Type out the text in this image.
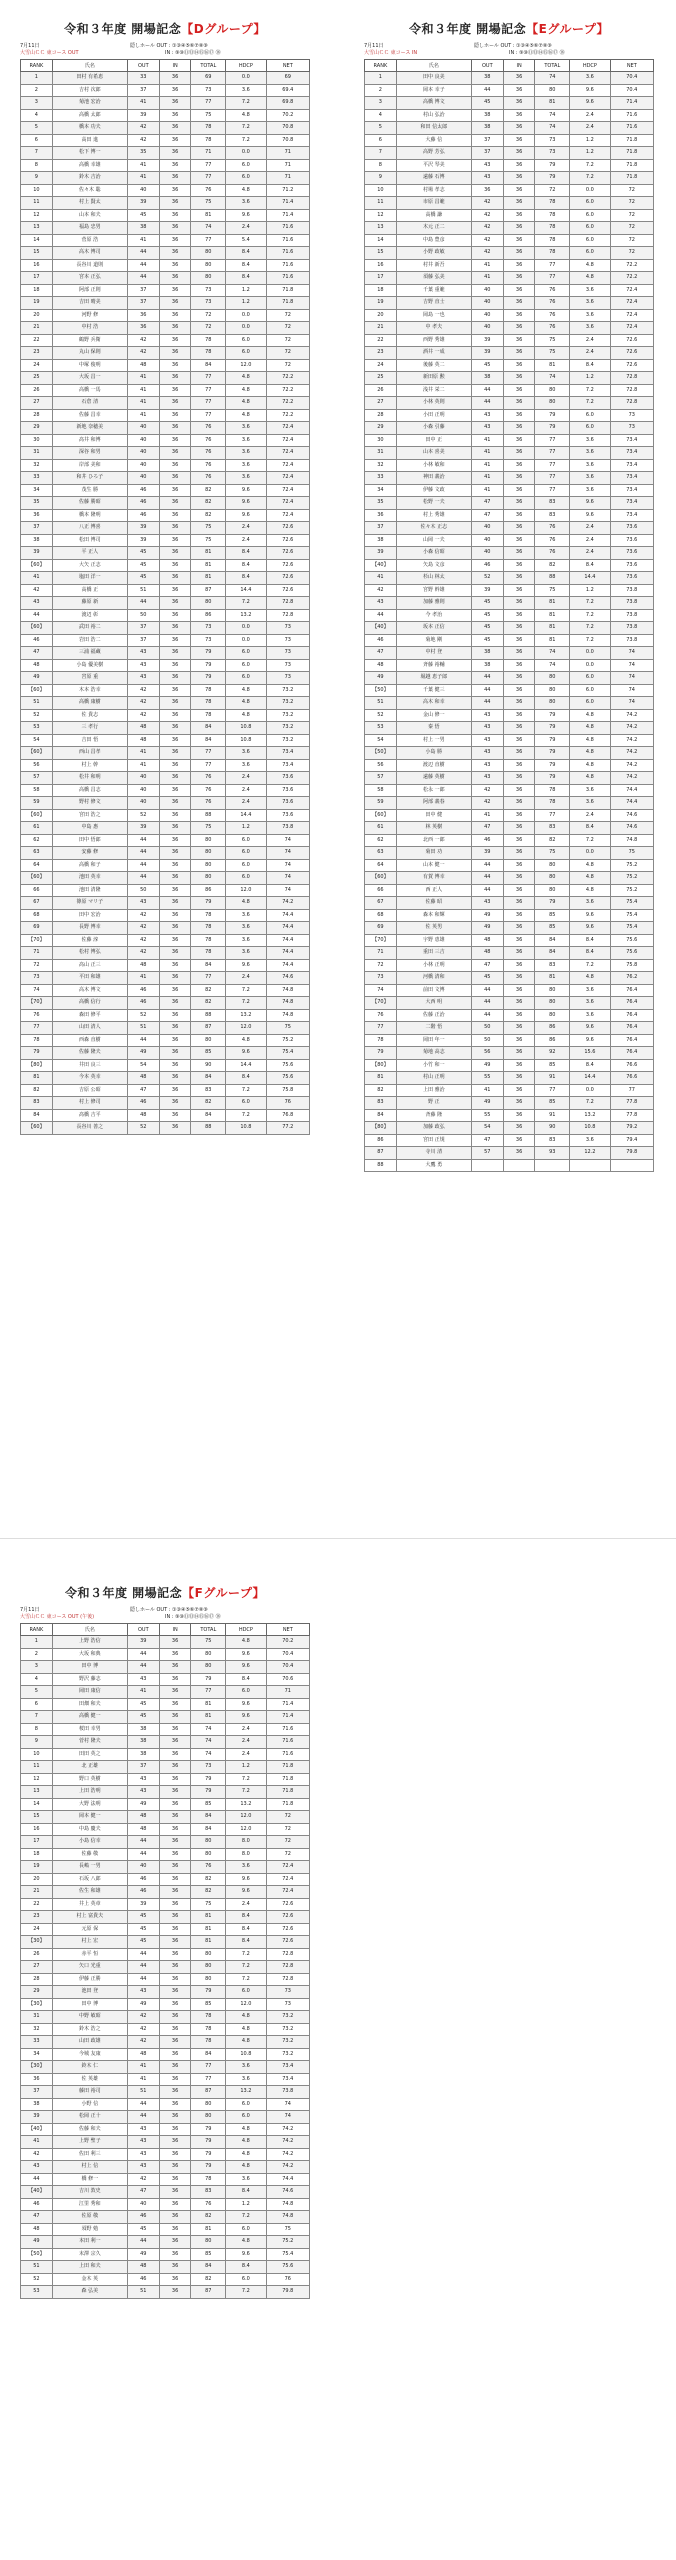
令和３年度 開場記念【Dグループ】
7月11日
大雪山ＣＣ 東コース OUT
隠しホール OUT : ①③④⑤⑥⑦⑧⑨
IN : ⑨⑩⑪⑬⑭⑮⑯⑰ ⑱
RANK	氏名	OUT	IN	TOTAL	HDCP	NET
1	田村 有希恵	33	36	69	0.0	69
2	吉村 次郎	37	36	73	3.6	69.4
3	菊池 宏治	41	36	77	7.2	69.8
4	高橋 太郎	39	36	75	4.8	70.2
5	橋本 功夫	42	36	78	7.2	70.8
6	高田 進	42	36	78	7.2	70.8
7	松下 博一	35	36	71	0.0	71
8	高橋 幸雄	41	36	77	6.0	71
9	鈴木 吉治	41	36	77	6.0	71
10	佐々木 聡	40	36	76	4.8	71.2
11	村上 賢太	39	36	75	3.6	71.4
12	山本 和夫	45	36	81	9.6	71.4
13	福島 忠男	38	36	74	2.4	71.6
14	菅原 浩	41	36	77	5.4	71.6
15	高木 博司	44	36	80	8.4	71.6
16	長谷川 道則	44	36	80	8.4	71.6
17	宮本 正弘	44	36	80	8.4	71.6
18	阿部 正則	37	36	73	1.2	71.8
19	吉田 晴美	37	36	73	1.2	71.8
20	河野 修	36	36	72	0.0	72
21	中村 浩	36	36	72	0.0	72
22	鶴野 兵衛	42	36	78	6.0	72
23	丸山 保則	42	36	78	6.0	72
24	中塚 俊明	48	36	84	12.0	72
25	大坂 昌一	41	36	77	4.8	72.2
26	高橋 一馬	41	36	77	4.8	72.2
27	石倉 清	41	36	77	4.8	72.2
28	佐藤 昌幸	41	36	77	4.8	72.2
29	新地 奈穂美	40	36	76	3.6	72.4
30	髙井 和博	40	36	76	3.6	72.4
31	深谷 和男	40	36	76	3.6	72.4
32	岸部 美和	40	36	76	3.6	72.4
33	和井 ひろ子	40	36	76	3.6	72.4
34	茂生 勝	46	36	82	9.6	72.4
35	佐藤 勝昭	46	36	82	9.6	72.4
36	橋本 隆明	46	36	82	9.6	72.4
37	八正 博喜	39	36	75	2.4	72.6
38	松田 博司	39	36	75	2.4	72.6
39	平 正人	45	36	81	8.4	72.6
【60】	大矢 正志	45	36	81	8.4	72.6
41	塩田 洋一	45	36	81	8.4	72.6
42	高橋 正	51	36	87	14.4	72.6
43	藤原 新	44	36	80	7.2	72.8
44	渡辺 彰	50	36	86	13.2	72.8
【60】	武田 裕二	37	36	73	0.0	73
46	岩田 浩二	37	36	73	0.0	73
47	三浦 福蔵	43	36	79	6.0	73
48	小島 優美樹	43	36	79	6.0	73
49	宮原 重	43	36	79	6.0	73
【60】	木本 浩幸	42	36	78	4.8	73.2
51	高橋 康樹	42	36	78	4.8	73.2
52	佐 貴志	42	36	78	4.8	73.2
53	三 孝行	48	36	84	10.8	73.2
54	吉田 悟	48	36	84	10.8	73.2
【60】	西山 昌孝	41	36	77	3.6	73.4
56	村上 幹	41	36	77	3.6	73.4
57	松井 和明	40	36	76	2.4	73.6
58	高橋 昌志	40	36	76	2.4	73.6
59	野村 修文	40	36	76	2.4	73.6
【60】	宮田 浩之	52	36	88	14.4	73.6
61	中島 惠	39	36	75	1.2	73.8
62	田中 悟郎	44	36	80	6.0	74
63	安藤 修	44	36	80	6.0	74
64	高橋 和子	44	36	80	6.0	74
【60】	池田 英幸	44	36	80	6.0	74
66	池田 清隆	50	36	86	12.0	74
67	篠原 マリ子	43	36	79	4.8	74.2
68	田中 宏治	42	36	78	3.6	74.4
69	長野 博幸	42	36	78	3.6	74.4
【70】	佐藤 淳	42	36	78	3.6	74.4
71	松村 博弘	42	36	78	3.6	74.4
72	髙山 正三	48	36	84	9.6	74.4
73	平田 和雄	41	36	77	2.4	74.6
74	高木 博文	46	36	82	7.2	74.8
【70】	高橋 信行	46	36	82	7.2	74.8
76	森田 修平	52	36	88	13.2	74.8
77	山田 清人	51	36	87	12.0	75
78	西森 直樹	44	36	80	4.8	75.2
79	佐藤 隆夫	49	36	85	9.6	75.4
【80】	井田 良三	54	36	90	14.4	75.6
81	今本 英幸	48	36	84	8.4	75.6
82	吉原 公昭	47	36	83	7.2	75.8
83	村上 修司	46	36	82	6.0	76
84	髙橋 吉平	48	36	84	7.2	76.8
【60】	長谷川 善之	52	36	88	10.8	77.2
令和３年度 開場記念【Eグループ】
7月11日
大雪山ＣＣ 東コース IN
隠しホール OUT : ①③④⑤⑥⑦⑧⑨
IN : ⑨⑩⑪⑬⑭⑮⑯⑰ ⑱
RANK	氏名	OUT	IN	TOTAL	HDCP	NET
1	田中 良美	38	36	74	3.6	70.4
2	岡本 幸子	44	36	80	9.6	70.4
3	高橋 博文	45	36	81	9.6	71.4
4	村山 弘治	38	36	74	2.4	71.6
5	和田 信太郎	38	36	74	2.4	71.6
6	大藤 信	37	36	73	1.2	71.8
7	高野 芳弘	37	36	73	1.2	71.8
8	平沢 琴美	43	36	79	7.2	71.8
9	遠藤 石博	43	36	79	7.2	71.8
10	村場 孝志	36	36	72	0.0	72
11	市原 昌範	42	36	78	6.0	72
12	高橋 謙	42	36	78	6.0	72
13	木元 正二	42	36	78	6.0	72
14	中島 豊彦	42	36	78	6.0	72
15	小野 政敏	42	36	78	6.0	72
16	村井 新吾	41	36	77	4.8	72.2
17	須藤 弘美	41	36	77	4.8	72.2
18	千葉 重範	40	36	76	3.6	72.4
19	吉野 直士	40	36	76	3.6	72.4
20	岡島 一也	40	36	76	3.6	72.4
21	中 孝夫	40	36	76	3.6	72.4
22	西野 秀雄	39	36	75	2.4	72.6
23	酒井 一成	39	36	75	2.4	72.6
24	後藤 英二	45	36	81	8.4	72.6
25	新田原 勲	38	36	74	1.2	72.8
26	浅井 栄二	44	36	80	7.2	72.8
27	小林 英則	44	36	80	7.2	72.8
28	小田 正明	43	36	79	6.0	73
29	小森 引藤	43	36	79	6.0	73
30	田中 正	41	36	77	3.6	73.4
31	山本 喜美	41	36	77	3.6	73.4
32	小林 敏和	41	36	77	3.6	73.4
33	神田 義治	41	36	77	3.6	73.4
34	伊藤 文政	41	36	77	3.6	73.4
35	松野 一夫	47	36	83	9.6	73.4
36	村上 秀雄	47	36	83	9.6	73.4
37	佐々木 正志	40	36	76	2.4	73.6
38	山岡 一夫	40	36	76	2.4	73.6
39	小森 信昭	40	36	76	2.4	73.6
【40】	矢島 文彦	46	36	82	8.4	73.6
41	杉山 林太	52	36	88	14.4	73.6
42	宮野 幹雄	39	36	75	1.2	73.8
43	加藤 雅則	45	36	81	7.2	73.8
44	今 孝治	45	36	81	7.2	73.8
【40】	坂本 正信	45	36	81	7.2	73.8
46	菊地 剛	45	36	81	7.2	73.8
47	中村 登	38	36	74	0.0	74
48	斉藤 裕輔	38	36	74	0.0	74
49	堀越 恵子郎	44	36	80	6.0	74
【50】	千葉 健三	44	36	80	6.0	74
51	高木 和幸	44	36	80	6.0	74
52	金山 修一	43	36	79	4.8	74.2
53	秦 悟	43	36	79	4.8	74.2
54	村上 一男	43	36	79	4.8	74.2
【50】	小島 勝	43	36	79	4.8	74.2
56	渡辺 直樹	43	36	79	4.8	74.2
57	遠藤 英樹	43	36	79	4.8	74.2
58	松永 一郎	42	36	78	3.6	74.4
59	阿部 義春	42	36	78	3.6	74.4
【60】	田中 健	41	36	77	2.4	74.6
61	林 英樹	47	36	83	8.4	74.6
62	北西 一郎	46	36	82	7.2	74.8
63	菊田 功	39	36	75	0.0	75
64	山本 健一	44	36	80	4.8	75.2
【60】	有賀 博幸	44	36	80	4.8	75.2
66	西 正人	44	36	80	4.8	75.2
67	佐藤 昭	43	36	79	3.6	75.4
68	森本 和輝	49	36	85	9.6	75.4
69	佐 英男	49	36	85	9.6	75.4
【70】	宇野 恵雄	48	36	84	8.4	75.6
71	重田 三吉	48	36	84	8.4	75.6
72	小林 正明	47	36	83	7.2	75.8
73	河橋 清和	45	36	81	4.8	76.2
74	前田 文博	44	36	80	3.6	76.4
【70】	大西 明	44	36	80	3.6	76.4
76	佐藤 正治	44	36	80	3.6	76.4
77	二階 悟	50	36	86	9.6	76.4
78	岡田 年一	50	36	86	9.6	76.4
79	菊地 高志	56	36	92	15.6	76.4
【80】	小竹 和一	49	36	85	8.4	76.6
81	村山 正明	55	36	91	14.4	76.6
82	上田 雅治	41	36	77	0.0	77
83	野 正	49	36	85	7.2	77.8
84	斉藤 隆	55	36	91	13.2	77.8
【80】	加藤 政弘	54	36	90	10.8	79.2
86	宮田 正規	47	36	83	3.6	79.4
87	寺川 清	57	36	93	12.2	79.8
88	大鷹 勇					
令和３年度 開場記念【Fグループ】
7月11日
大雪山ＣＣ 東コース OUT (午後)
隠しホール OUT : ①③④⑤⑥⑦⑧⑨
IN : ⑨⑩⑪⑬⑭⑮⑯⑰ ⑱
RANK	氏名	OUT	IN	TOTAL	HDCP	NET
1	上野 浩信	39	36	75	4.8	70.2
2	大坂 和典	44	36	80	9.6	70.4
3	田中 博	44	36	80	9.6	70.4
4	野沢 藤志	43	36	79	8.4	70.6
5	岡田 康信	41	36	77	6.0	71
6	田畑 和夫	45	36	81	9.6	71.4
7	高橋 健一	45	36	81	9.6	71.4
8	桜田 幸男	38	36	74	2.4	71.6
9	菅村 隆夫	38	36	74	2.4	71.6
10	田田 英之	38	36	74	2.4	71.6
11	北 正雄	37	36	73	1.2	71.8
12	野口 英樹	43	36	79	7.2	71.8
13	上田 浩明	43	36	79	7.2	71.8
14	大野 法明	49	36	85	13.2	71.8
15	岡本 健一	48	36	84	12.0	72
16	中島 慶夫	48	36	84	12.0	72
17	小島 信幸	44	36	80	8.0	72
18	佐藤 敬	44	36	80	8.0	72
19	長嶋 一男	40	36	76	3.6	72.4
20	石坂 八郎	46	36	82	9.6	72.4
21	佐生 和雄	46	36	82	9.6	72.4
22	井上 英章	39	36	75	2.4	72.6
23	村上 富貴夫	45	36	81	8.4	72.6
24	元原 保	45	36	81	8.4	72.6
【30】	村上 宏	45	36	81	8.4	72.6
26	赤平 恒	44	36	80	7.2	72.8
27	矢口 光重	44	36	80	7.2	72.8
28	伊藤 正勝	44	36	80	7.2	72.8
29	池田 登	43	36	79	6.0	73
【30】	田中 博	49	36	85	12.0	73
31	中野 敏昭	42	36	78	4.8	73.2
32	鈴木 浩之	42	36	78	4.8	73.2
33	山田 政雄	42	36	78	4.8	73.2
34	今城 友康	48	36	84	10.8	73.2
【30】	鈴木 仁	41	36	77	3.6	73.4
36	佐 英雄	41	36	77	3.6	73.4
37	藤田 裕司	51	36	87	13.2	73.8
38	小野 信	44	36	80	6.0	74
39	松岡 正十	44	36	80	6.0	74
【40】	佐藤 和夫	43	36	79	4.8	74.2
41	上野 聖子	43	36	79	4.8	74.2
42	佐田 利三	43	36	79	4.8	74.2
43	村上 信	43	36	79	4.8	74.2
44	橋 修一	42	36	78	3.6	74.4
【40】	吉川 敦史	47	36	83	8.4	74.6
46	江里 秀和	40	36	76	1.2	74.8
47	佐原 敬	46	36	82	7.2	74.8
48	須野 勉	45	36	81	6.0	75
49	本田 利一	44	36	80	4.8	75.2
【50】	末澤 宗久	49	36	85	9.6	75.4
51	上田 和夫	48	36	84	8.4	75.6
52	金木 英	46	36	82	6.0	76
53	森 弘美	51	36	87	7.2	79.8
